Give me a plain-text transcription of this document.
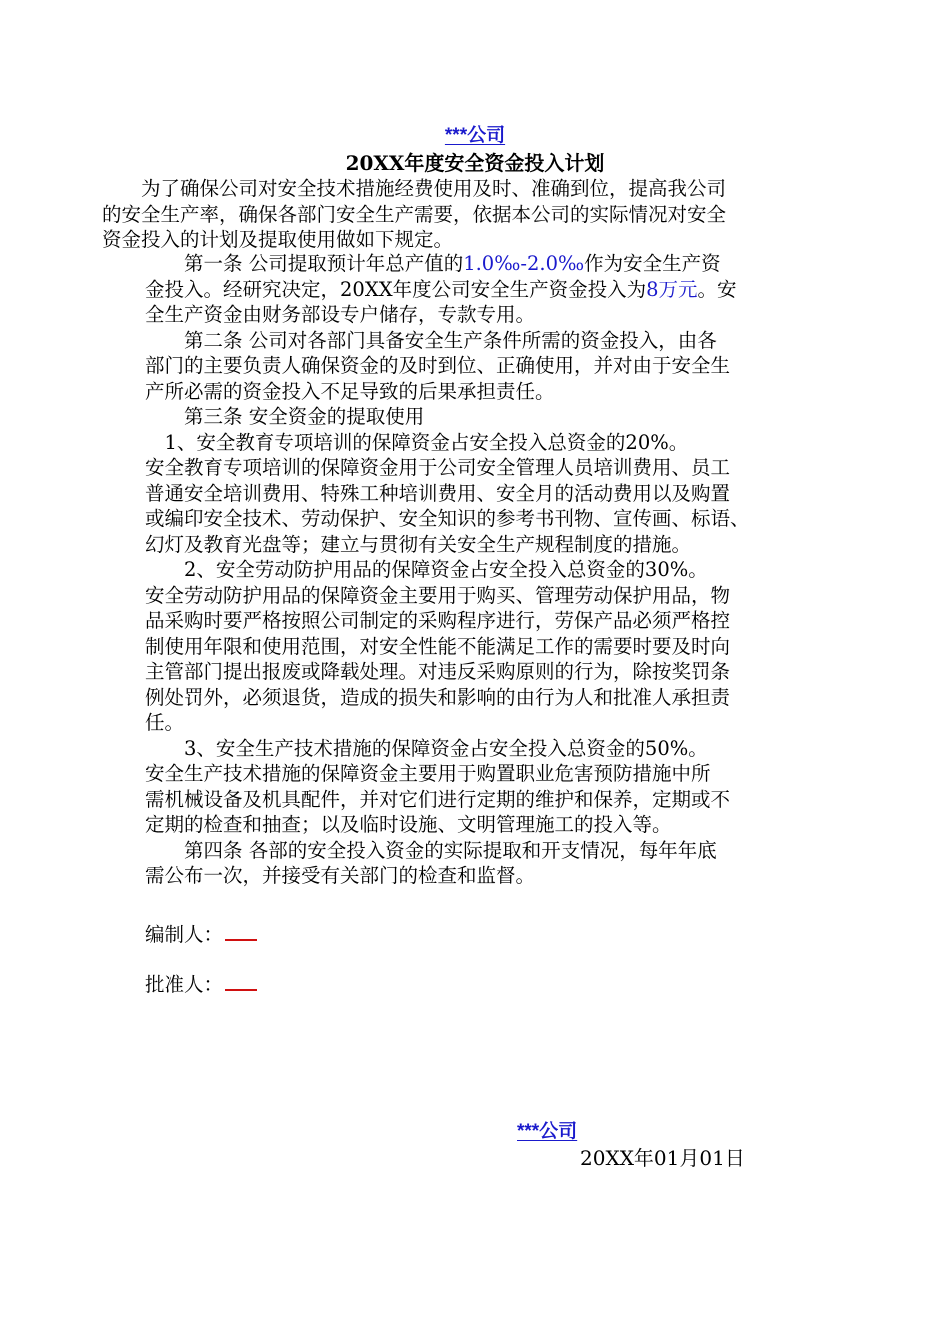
***公司
20XX年度安全资金投入计划
　　为了确保公司对安全技术措施经费使用及时、准确到位，提高我公司
的安全生产率，确保各部门安全生产需要，依据本公司的实际情况对安全
资金投入的计划及提取使用做如下规定。
　　第一条 公司提取预计年总产值的1.0‰-2.0‰作为安全生产资
金投入。经研究决定，20XX年度公司安全生产资金投入为8万元。安
全生产资金由财务部设专户储存，专款专用。
　　第二条 公司对各部门具备安全生产条件所需的资金投入，由各
部门的主要负责人确保资金的及时到位、正确使用，并对由于安全生
产所必需的资金投入不足导致的后果承担责任。
　　第三条 安全资金的提取使用
　1、安全教育专项培训的保障资金占安全投入总资金的20%。
安全教育专项培训的保障资金用于公司安全管理人员培训费用、员工
普通安全培训费用、特殊工种培训费用、安全月的活动费用以及购置
或编印安全技术、劳动保护、安全知识的参考书刊物、宣传画、标语、
幻灯及教育光盘等；建立与贯彻有关安全生产规程制度的措施。
　　2、安全劳动防护用品的保障资金占安全投入总资金的30%。
安全劳动防护用品的保障资金主要用于购买、管理劳动保护用品，物
品采购时要严格按照公司制定的采购程序进行，劳保产品必须严格控
制使用年限和使用范围，对安全性能不能满足工作的需要时要及时向
主管部门提出报废或降载处理。对违反采购原则的行为，除按奖罚条
例处罚外，必须退货，造成的损失和影响的由行为人和批准人承担责
任。
　　3、安全生产技术措施的保障资金占安全投入总资金的50%。
安全生产技术措施的保障资金主要用于购置职业危害预防措施中所
需机械设备及机具配件，并对它们进行定期的维护和保养，定期或不
定期的检查和抽查；以及临时设施、文明管理施工的投入等。
　　第四条 各部的安全投入资金的实际提取和开支情况，每年年底
需公布一次，并接受有关部门的检查和监督。
编制人：
批准人：
***公司
20XX年01月01日
